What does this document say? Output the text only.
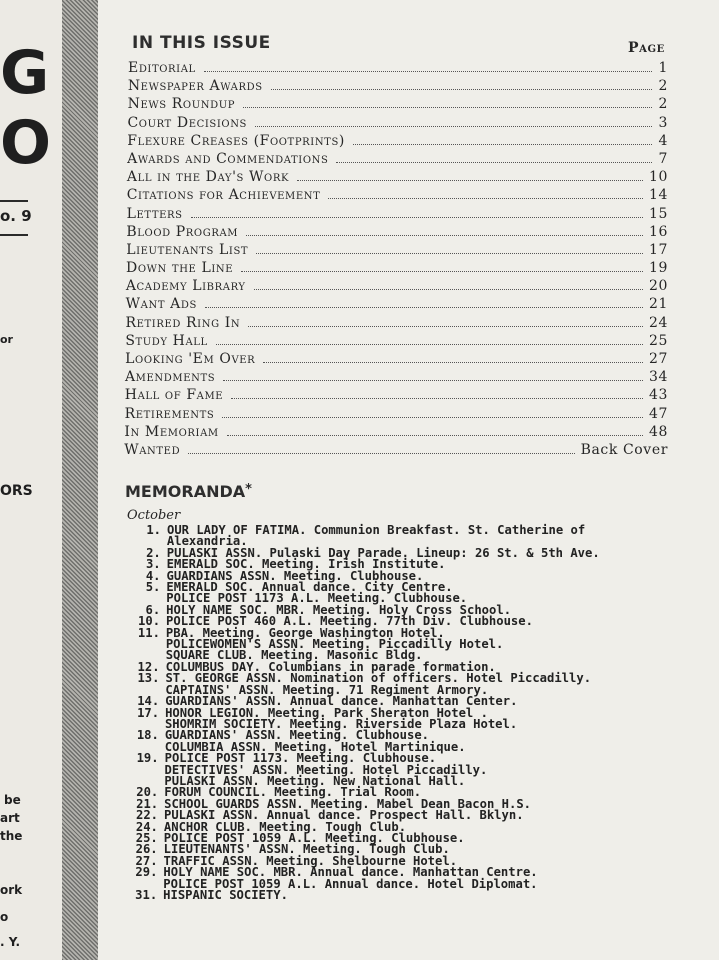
G
O
o. 9
or
ORS
be
art
the
ork
o
. Y.
IN THIS ISSUE	Page
Editorial	1
Newspaper Awards	2
News Roundup	2
Court Decisions	3
Flexure Creases (Footprints)	4
Awards and Commendations	7
All in the Day's Work	10
Citations for Achievement	14
Letters	15
Blood Program	16
Lieutenants List	17
Down the Line	19
Academy Library	20
Want Ads	21
Retired Ring In	24
Study Hall	25
Looking 'Em Over	27
Amendments	34
Hall of Fame	43
Retirements	47
In Memoriam	48
Wanted	Back Cover
MEMORANDA*
October
1. OUR LADY OF FATIMA. Communion Breakfast. St. Catherine of
Alexandria.
2. PULASKI ASSN. Pulaski Day Parade. Lineup: 26 St. & 5th Ave.
3. EMERALD SOC. Meeting. Irish Institute.
4. GUARDIANS ASSN. Meeting. Clubhouse.
5. EMERALD SOC. Annual dance. City Centre.
POLICE POST 1173 A.L. Meeting. Clubhouse.
6. HOLY NAME SOC. MBR. Meeting. Holy Cross School.
10. POLICE POST 460 A.L. Meeting. 77th Div. Clubhouse.
11. PBA. Meeting. George Washington Hotel.
POLICEWOMEN'S ASSN. Meeting. Piccadilly Hotel.
SQUARE CLUB. Meeting. Masonic Bldg.
12. COLUMBUS DAY. Columbians in parade formation.
13. ST. GEORGE ASSN. Nomination of officers. Hotel Piccadilly.
CAPTAINS' ASSN. Meeting. 71 Regiment Armory.
14. GUARDIANS' ASSN. Annual dance. Manhattan Center.
17. HONOR LEGION. Meeting. Park Sheraton Hotel .
SHOMRIM SOCIETY. Meeting. Riverside Plaza Hotel.
18. GUARDIANS' ASSN. Meeting. Clubhouse.
COLUMBIA ASSN. Meeting. Hotel Martinique.
19. POLICE POST 1173. Meeting. Clubhouse.
DETECTIVES' ASSN. Meeting. Hotel Piccadilly.
PULASKI ASSN. Meeting. New National Hall.
20. FORUM COUNCIL. Meeting. Trial Room.
21. SCHOOL GUARDS ASSN. Meeting. Mabel Dean Bacon H.S.
22. PULASKI ASSN. Annual dance. Prospect Hall. Bklyn.
24. ANCHOR CLUB. Meeting. Tough Club.
25. POLICE POST 1059 A.L. Meeting. Clubhouse.
26. LIEUTENANTS' ASSN. Meeting. Tough Club.
27. TRAFFIC ASSN. Meeting. Shelbourne Hotel.
29. HOLY NAME SOC. MBR. Annual dance. Manhattan Centre.
POLICE POST 1059 A.L. Annual dance. Hotel Diplomat.
31. HISPANIC SOCIETY.
